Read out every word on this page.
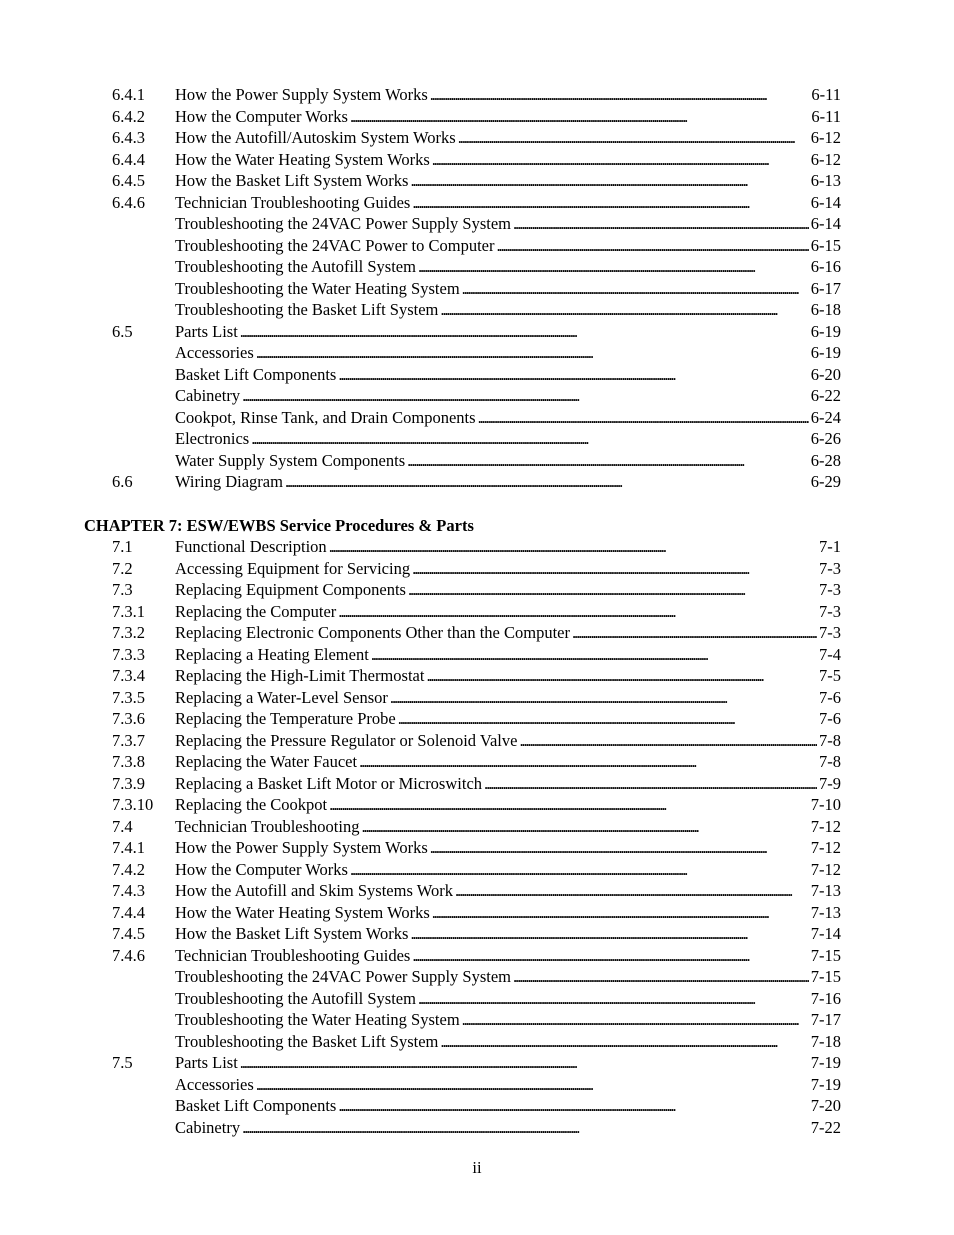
6.4.1 How the Power Supply System Works . . .	6-11
6.4.2 How the Computer Works . . .	6-11
6.4.3 How the Autofill/Autoskim System Works . . .	6-12
6.4.4 How the Water Heating System Works . . .	6-12
6.4.5 How the Basket Lift System Works . . .	6-13
6.4.6 Technician Troubleshooting Guides . . .	6-14
Troubleshooting the 24VAC Power Supply System . . .	6-14
Troubleshooting the 24VAC Power to Computer . . .	6-15
Troubleshooting the Autofill System . . .	6-16
Troubleshooting the Water Heating System . . .	6-17
Troubleshooting the Basket Lift System . . .	6-18
6.5	Parts List . . .	6-19
Accessories . . .	6-19
Basket Lift Components . . .	6-20
Cabinetry . . .	6-22
Cookpot, Rinse Tank, and Drain Components . . .	6-24
Electronics . . .	6-26
Water Supply System Components . . .	6-28
6.6	Wiring Diagram . . .	6-29
CHAPTER 7: ESW/EWBS Service Procedures & Parts
7.1	Functional Description . . .	7-1
7.2	Accessing Equipment for Servicing . . .	7-3
7.3	Replacing Equipment Components . . .	7-3
7.3.1 Replacing the Computer . . .	7-3
7.3.2 Replacing Electronic Components Other than the Computer . . .	7-3
7.3.3 Replacing a Heating Element . . .	7-4
7.3.4 Replacing the High-Limit Thermostat . . .	7-5
7.3.5 Replacing a Water-Level Sensor . . .	7-6
7.3.6 Replacing the Temperature Probe . . .	7-6
7.3.7 Replacing the Pressure Regulator or Solenoid Valve . . .	7-8
7.3.8 Replacing the Water Faucet . . .	7-8
7.3.9 Replacing a Basket Lift Motor or Microswitch . . .	7-9
7.3.10 Replacing the Cookpot . . .	7-10
7.4	Technician Troubleshooting . . .	7-12
7.4.1 How the Power Supply System Works . . .	7-12
7.4.2 How the Computer Works . . .	7-12
7.4.3 How the Autofill and Skim Systems Work . . .	7-13
7.4.4 How the Water Heating System Works . . .	7-13
7.4.5 How the Basket Lift System Works . . .	7-14
7.4.6 Technician Troubleshooting Guides . . .	7-15
Troubleshooting the 24VAC Power Supply System . . .	7-15
Troubleshooting the Autofill System . . .	7-16
Troubleshooting the Water Heating System . . .	7-17
Troubleshooting the Basket Lift System . . .	7-18
7.5	Parts List . . .	7-19
Accessories . . .	7-19
Basket Lift Components . . .	7-20
Cabinetry . . .	7-22
ii
